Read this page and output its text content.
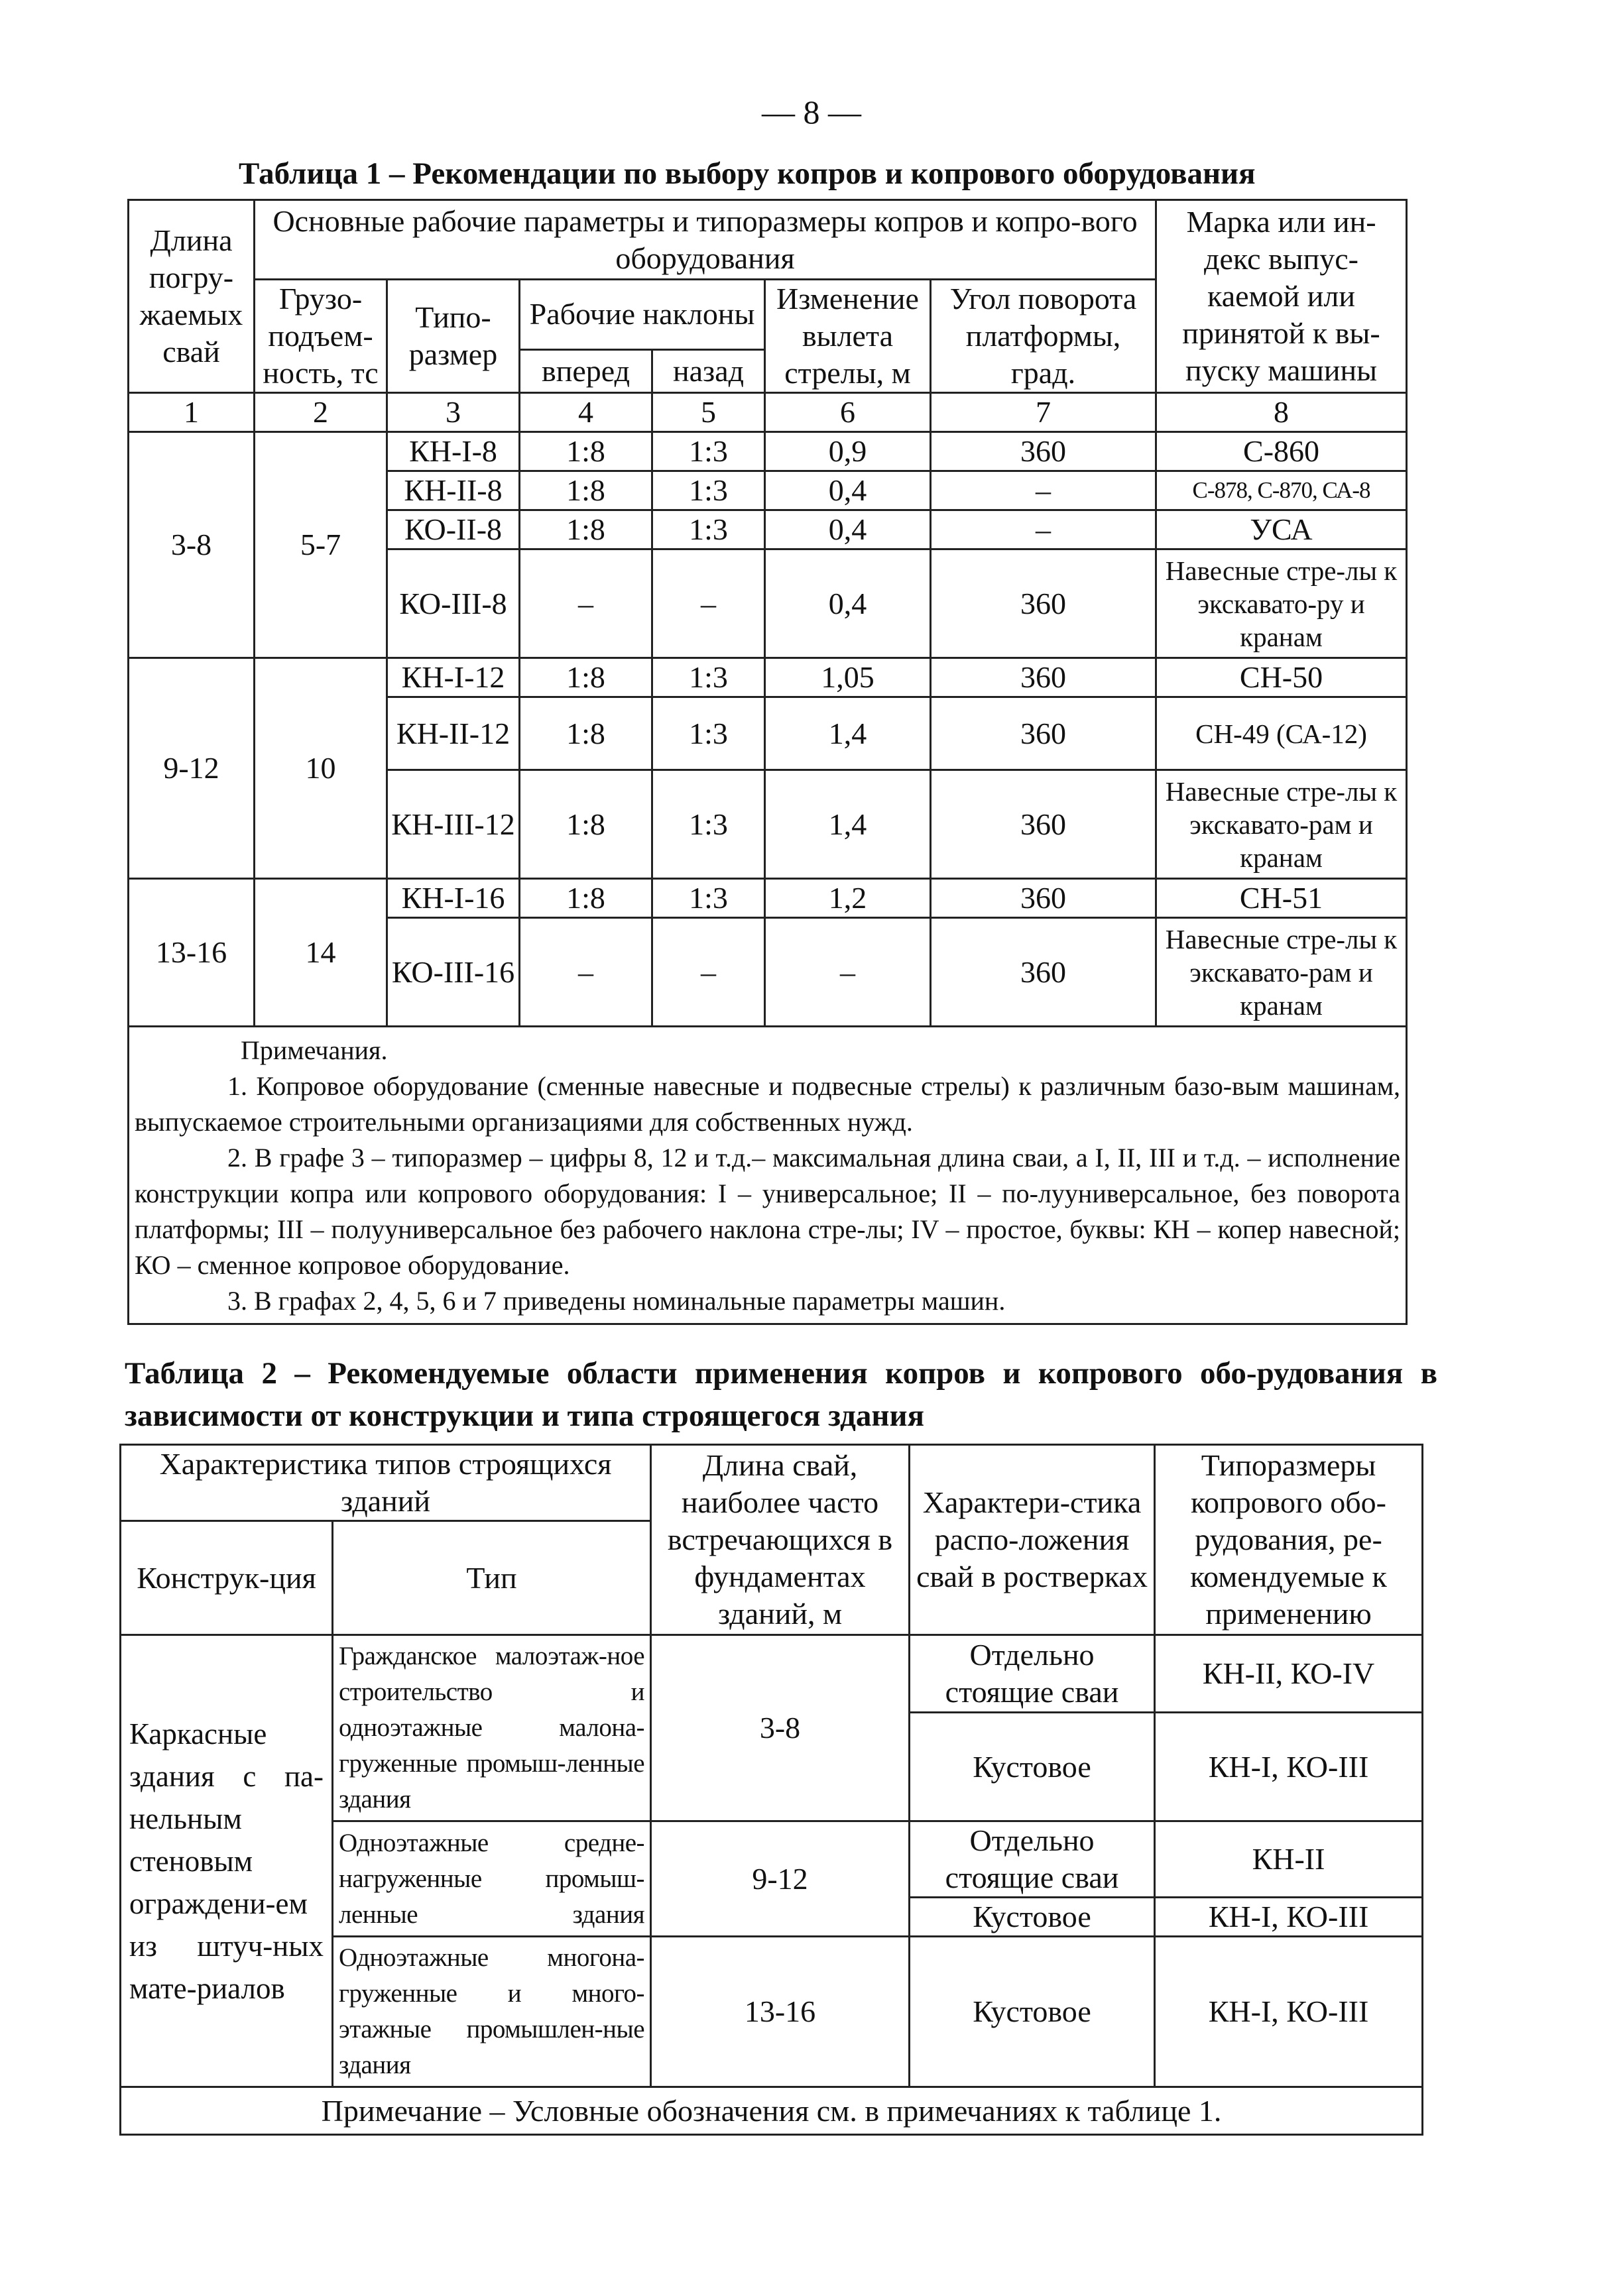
— 8 —
Таблица 1 – Рекомендации по выбору копров и копрового оборудования
Длина погру-жаемых свай	Основные рабочие параметры и типоразмеры копров и копро-вого оборудования						Марка или ин-декс выпус-каемой или принятой к вы-пуску машины
	Грузо-подъем-ность, тс	Типо-размер	Рабочие наклоны		Изменение вылета стрелы, м	Угол поворота платформы, град.	
			вперед	назад			
1	2	3	4	5	6	7	8
3-8	5-7	КН-I-8	1:8	1:3	0,9	360	С-860
		КН-II-8	1:8	1:3	0,4	–	С-878, С-870, СА-8
		КО-II-8	1:8	1:3	0,4	–	УСА
		КО-III-8	–	–	0,4	360	Навесные стре-лы к экскавато-ру и кранам
9-12	10	КН-I-12	1:8	1:3	1,05	360	СН-50
		КН-II-12	1:8	1:3	1,4	360	СН-49 (СА-12)
		КН-III-12	1:8	1:3	1,4	360	Навесные стре-лы к экскавато-рам и кранам
13-16	14	КН-I-16	1:8	1:3	1,2	360	СН-51
		КО-III-16	–	–	–	360	Навесные стре-лы к экскавато-рам и кранам

Примечания.

1. Копровое оборудование (сменные навесные и подвесные стрелы) к различным базо-вым машинам, выпускаемое строительными организациями для собственных нужд.

2. В графе 3 – типоразмер – цифры 8, 12 и т.д.– максимальная длина сваи, а I, II, III и т.д. – исполнение конструкции копра или копрового оборудования: I – универсальное; II – по-лууниверсальное, без поворота платформы; III – полууниверсальное без рабочего наклона стре-лы; IV – простое, буквы: КН – копер навесной; КО – сменное копровое оборудование.

3. В графах 2, 4, 5, 6 и 7 приведены номинальные параметры машин.							

Таблица 2 – Рекомендуемые области применения копров и копрового обо-рудования в зависимости от конструкции и типа строящегося здания
Характеристика типов строящихся зданий		Длина свай, наиболее часто встречающихся в фундаментах зданий, м	Характери-стика распо-ложения свай в ростверках	Типоразмеры копрового обо-рудования, ре-комендуемые к применению
Конструк-ция	Тип			
Каркасные здания с па-нельным стеновым ограждени-ем из штуч-ных мате-риалов	Гражданское малоэтаж-ное строительство и одноэтажные малона-груженные промыш-ленные здания	3-8	Отдельно стоящие сваи	КН-II, КО-IV
			Кустовое	КН-I, КО-III
	Одноэтажные средне-нагруженные промыш-ленные здания	9-12	Отдельно стоящие сваи	КН-II
			Кустовое	КН-I, КО-III
	Одноэтажные многона-груженные и много-этажные промышлен-ные здания	13-16	Кустовое	КН-I, КО-III
Примечание – Условные обозначения см. в примечаниях к таблице 1.				
